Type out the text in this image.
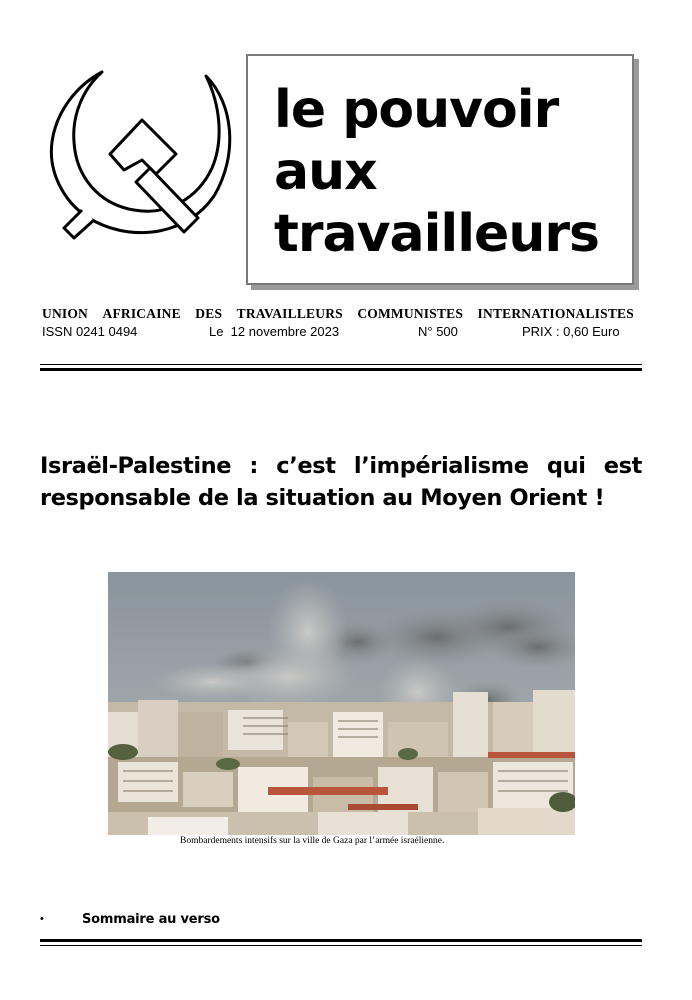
le pouvoir
aux
travailleurs
UNION AFRICAINE DES TRAVAILLEURS COMMUNISTES INTERNATIONALISTES
ISSN 0241 0494	Le  12 novembre 2023	N° 500	PRIX : 0,60 Euro
Israël-Palestine : c’est l’impérialisme qui est
responsable de la situation au Moyen Orient !
Bombardements intensifs sur la ville de Gaza par l’armée israélienne.
•	Sommaire au verso
